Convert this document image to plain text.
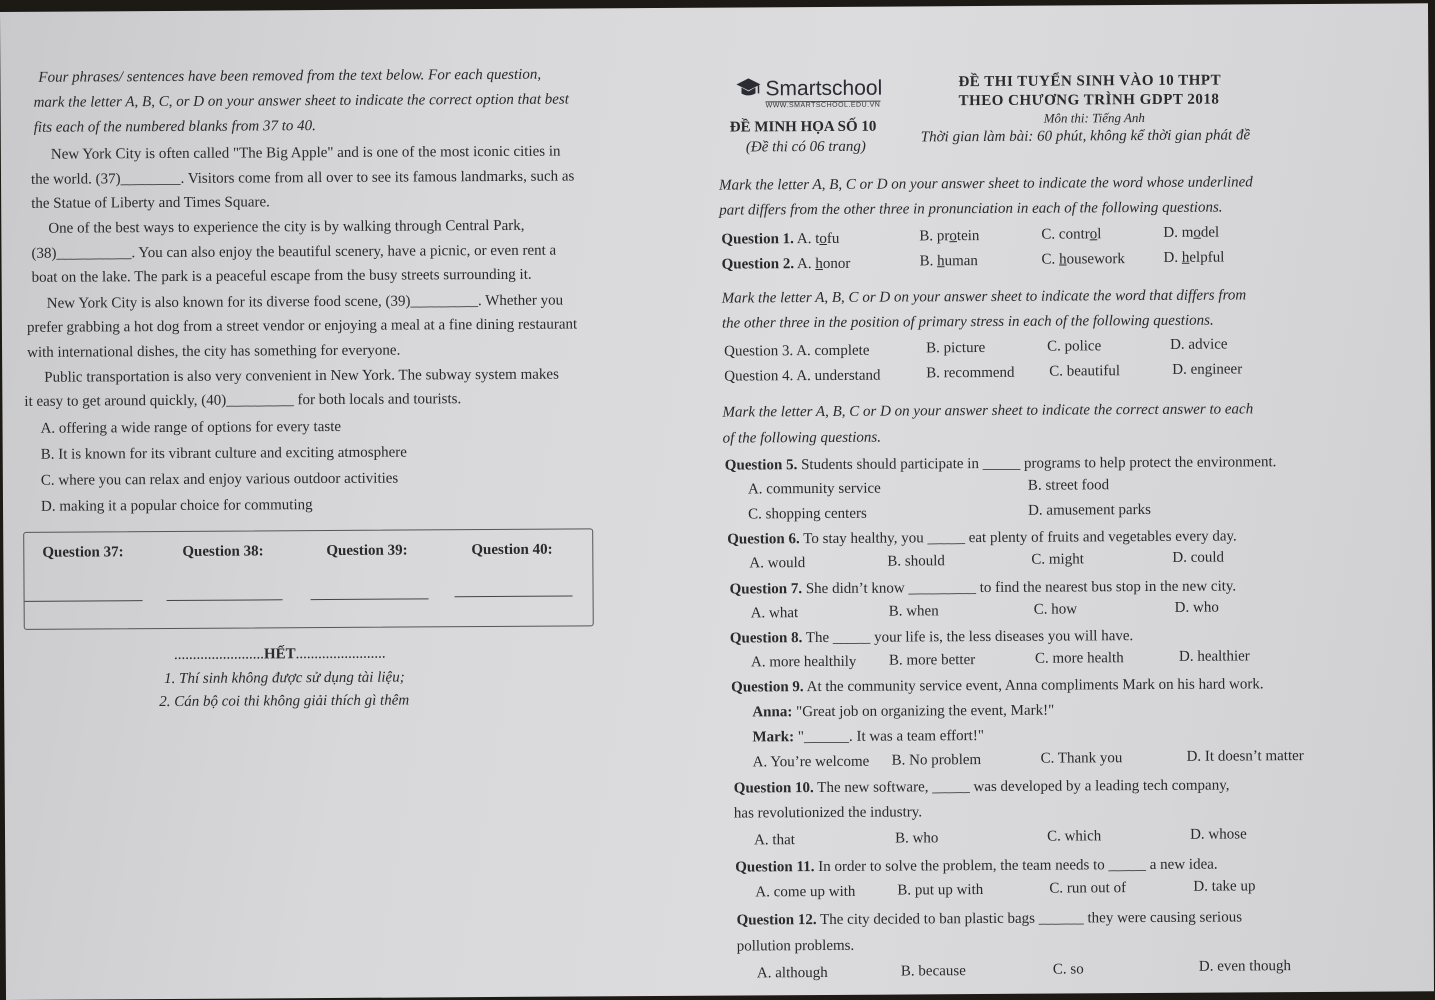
Four phrases/ sentences have been removed from the text below. For each question,
mark the letter A, B, C, or D on your answer sheet to indicate the correct option that best
fits each of the numbered blanks from 37 to 40.
New York City is often called "The Big Apple" and is one of the most iconic cities in
the world. (37)________. Visitors come from all over to see its famous landmarks, such as
the Statue of Liberty and Times Square.
One of the best ways to experience the city is by walking through Central Park,
(38)__________. You can also enjoy the beautiful scenery, have a picnic, or even rent a
boat on the lake. The park is a peaceful escape from the busy streets surrounding it.
New York City is also known for its diverse food scene, (39)_________. Whether you
prefer grabbing a hot dog from a street vendor or enjoying a meal at a fine dining restaurant
with international dishes, the city has something for everyone.
Public transportation is also very convenient in New York. The subway system makes
it easy to get around quickly, (40)_________ for both locals and tourists.
A. offering a wide range of options for every taste
B. It is known for its vibrant culture and exciting atmosphere
C. where you can relax and enjoy various outdoor activities
D. making it a popular choice for commuting
Question 37:	Question 38:	Question 39:	Question 40:
........................HẾT........................
1. Thí sinh không được sử dụng tài liệu;
2. Cán bộ coi thi không giải thích gì thêm
Smartschool
WWW.SMARTSCHOOL.EDU.VN
ĐỀ MINH HỌA SỐ 10
(Đề thi có 06 trang)
ĐỀ THI TUYỂN SINH VÀO 10 THPT
THEO CHƯƠNG TRÌNH GDPT 2018
Môn thi: Tiếng Anh
Thời gian làm bài: 60 phút, không kể thời gian phát đề
Mark the letter A, B, C or D on your answer sheet to indicate the word whose underlined
part differs from the other three in pronunciation in each of the following questions.
Question 1. A. tofu	B. protein	C. control	D. model
Question 2. A. honor	B. human	C. housework	D. helpful
Mark the letter A, B, C or D on your answer sheet to indicate the word that differs from
the other three in the position of primary stress in each of the following questions.
Question 3. A. complete	B. picture	C. police	D. advice
Question 4. A. understand	B. recommend C. beautiful	D. engineer
Mark the letter A, B, C or D on your answer sheet to indicate the correct answer to each
of the following questions.
Question 5. Students should participate in _____ programs to help protect the environment.
A. community service	B. street food
C. shopping centers	D. amusement parks
Question 6. To stay healthy, you _____ eat plenty of fruits and vegetables every day.
A. would	B. should	C. might	D. could
Question 7. She didn’t know _________ to find the nearest bus stop in the new city.
A. what	B. when	C. how	D. who
Question 8. The _____ your life is, the less diseases you will have.
A. more healthily B. more better	C. more health	D. healthier
Question 9. At the community service event, Anna compliments Mark on his hard work.
Anna: "Great job on organizing the event, Mark!"
Mark: "______. It was a team effort!"
A. You’re welcome B. No problem	C. Thank you	D. It doesn’t matter
Question 10. The new software, _____ was developed by a leading tech company,
has revolutionized the industry.
A. that	B. who	C. which	D. whose
Question 11. In order to solve the problem, the team needs to _____ a new idea.
A. come up with	B. put up with	C. run out of	D. take up
Question 12. The city decided to ban plastic bags ______ they were causing serious
pollution problems.
A. although	B. because	C. so	D. even though
